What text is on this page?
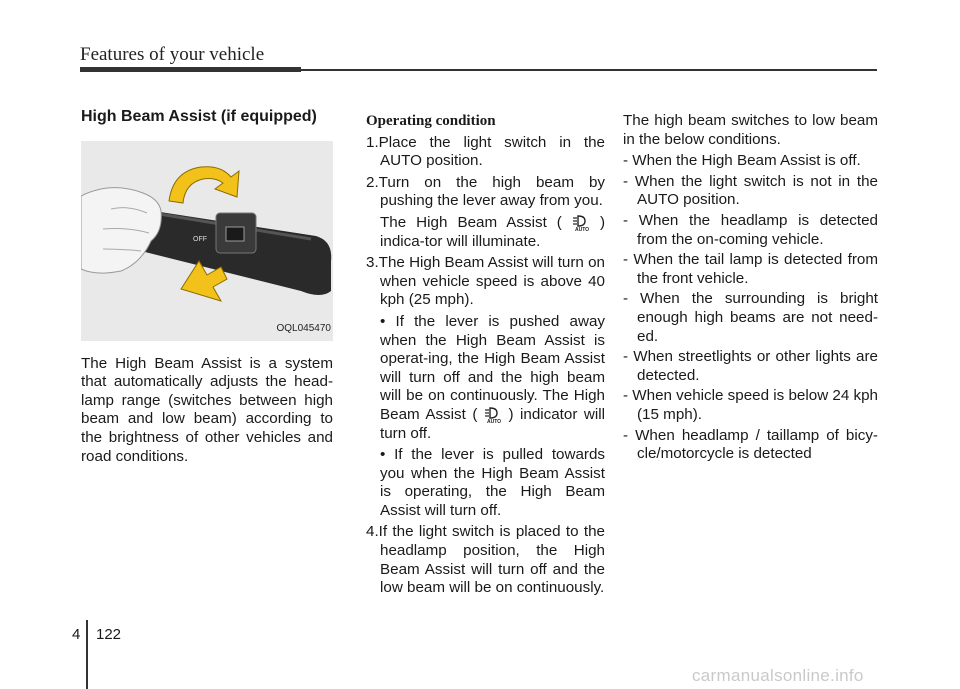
Features of your vehicle
High Beam Assist (if equipped)
OFF
OQL045470
The High Beam Assist is a system that automatically adjusts the head-lamp range (switches between high beam and low beam) according to the brightness of other vehicles and road conditions.
Operating condition
1.Place the light switch in the AUTO position.
2.Turn on the high beam by pushing the lever away from you.
The High Beam Assist (	AUTO ) indica-tor will illuminate.
3.The High Beam Assist will turn on when vehicle speed is above 40 kph (25 mph).
• If the lever is pushed away when the High Beam Assist is operat-ing, the High Beam Assist will turn off and the high beam will be on continuously. The High Beam Assist ( AUTO ) indicator will turn off.
• If the lever is pulled towards you when the High Beam Assist is operating, the High Beam Assist will turn off.
4.If the light switch is placed to the headlamp position, the High Beam Assist will turn off and the low beam will be on continuously.
The high beam switches to low beam in the below conditions.
- When the High Beam Assist is off.
- When the light switch is not in the AUTO position.
- When the headlamp is detected from the on-coming vehicle.
- When the tail lamp is detected from the front vehicle.
- When the surrounding is bright enough high beams are not need-ed.
- When streetlights or other lights are detected.
- When vehicle speed is below 24 kph (15 mph).
- When headlamp / taillamp of bicy-cle/motorcycle is detected
4 122
carmanualsonline.info
